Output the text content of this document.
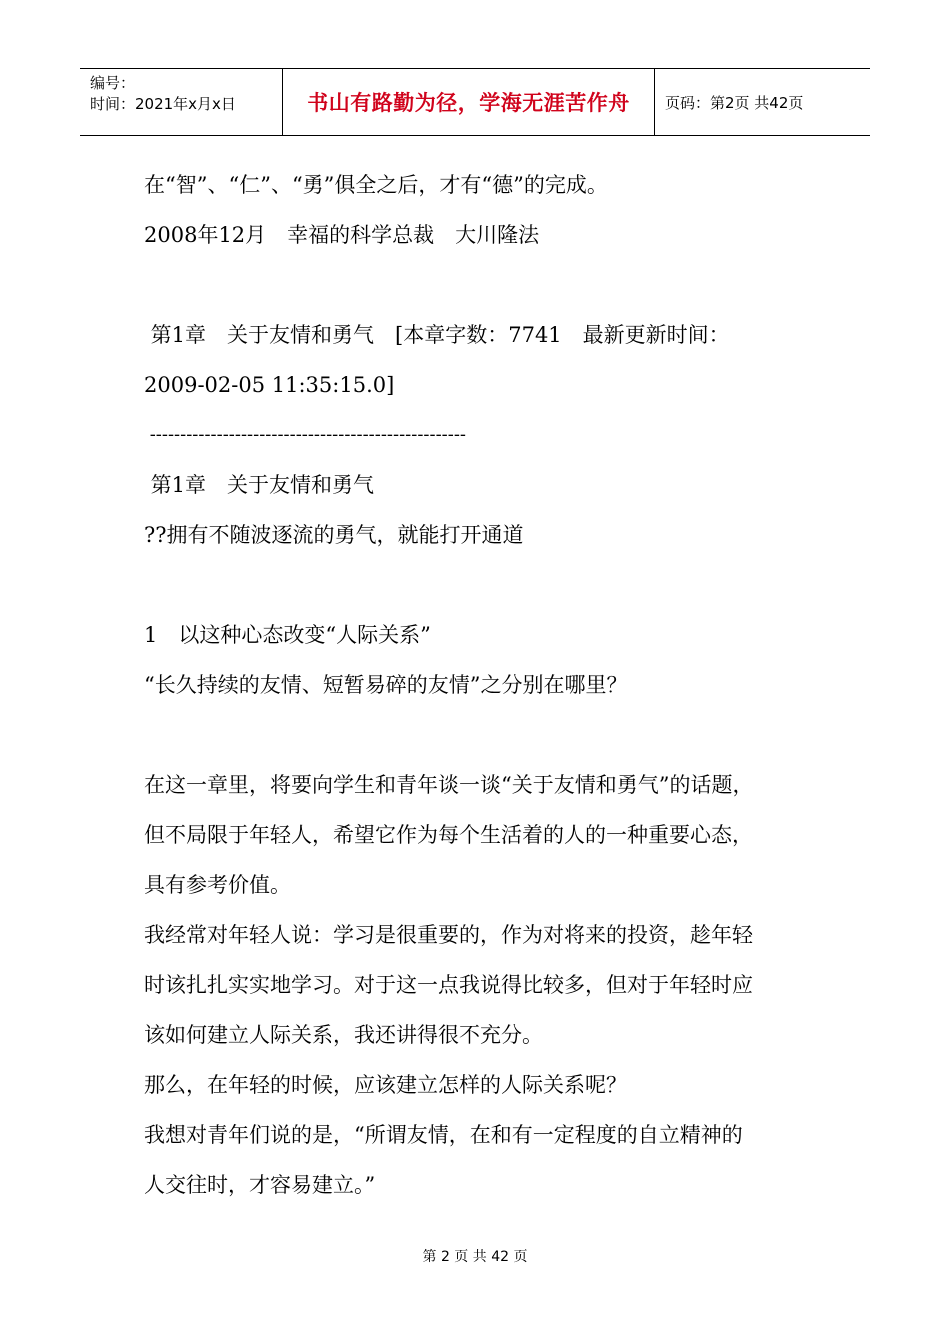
编号：
时间：2021年x月x日	书山有路勤为径，学海无涯苦作舟 页码：第2页 共42页
在“智”、“仁”、“勇”俱全之后，才有“德”的完成。
2008年12月　幸福的科学总裁　大川隆法
第1章　关于友情和勇气　[本章字数：7741　最新更新时间：
2009-02-05 11:35:15.0]
----------------------------------------------------
第1章　关于友情和勇气
??拥有不随波逐流的勇气，就能打开通道
1　以这种心态改变“人际关系”
“长久持续的友情、短暂易碎的友情”之分别在哪里？
在这一章里，将要向学生和青年谈一谈“关于友情和勇气”的话题，
但不局限于年轻人，希望它作为每个生活着的人的一种重要心态，
具有参考价值。
我经常对年轻人说：学习是很重要的，作为对将来的投资，趁年轻
时该扎扎实实地学习。对于这一点我说得比较多，但对于年轻时应
该如何建立人际关系，我还讲得很不充分。
那么，在年轻的时候，应该建立怎样的人际关系呢？
我想对青年们说的是，“所谓友情，在和有一定程度的自立精神的
人交往时，才容易建立。”
第 2 页 共 42 页
